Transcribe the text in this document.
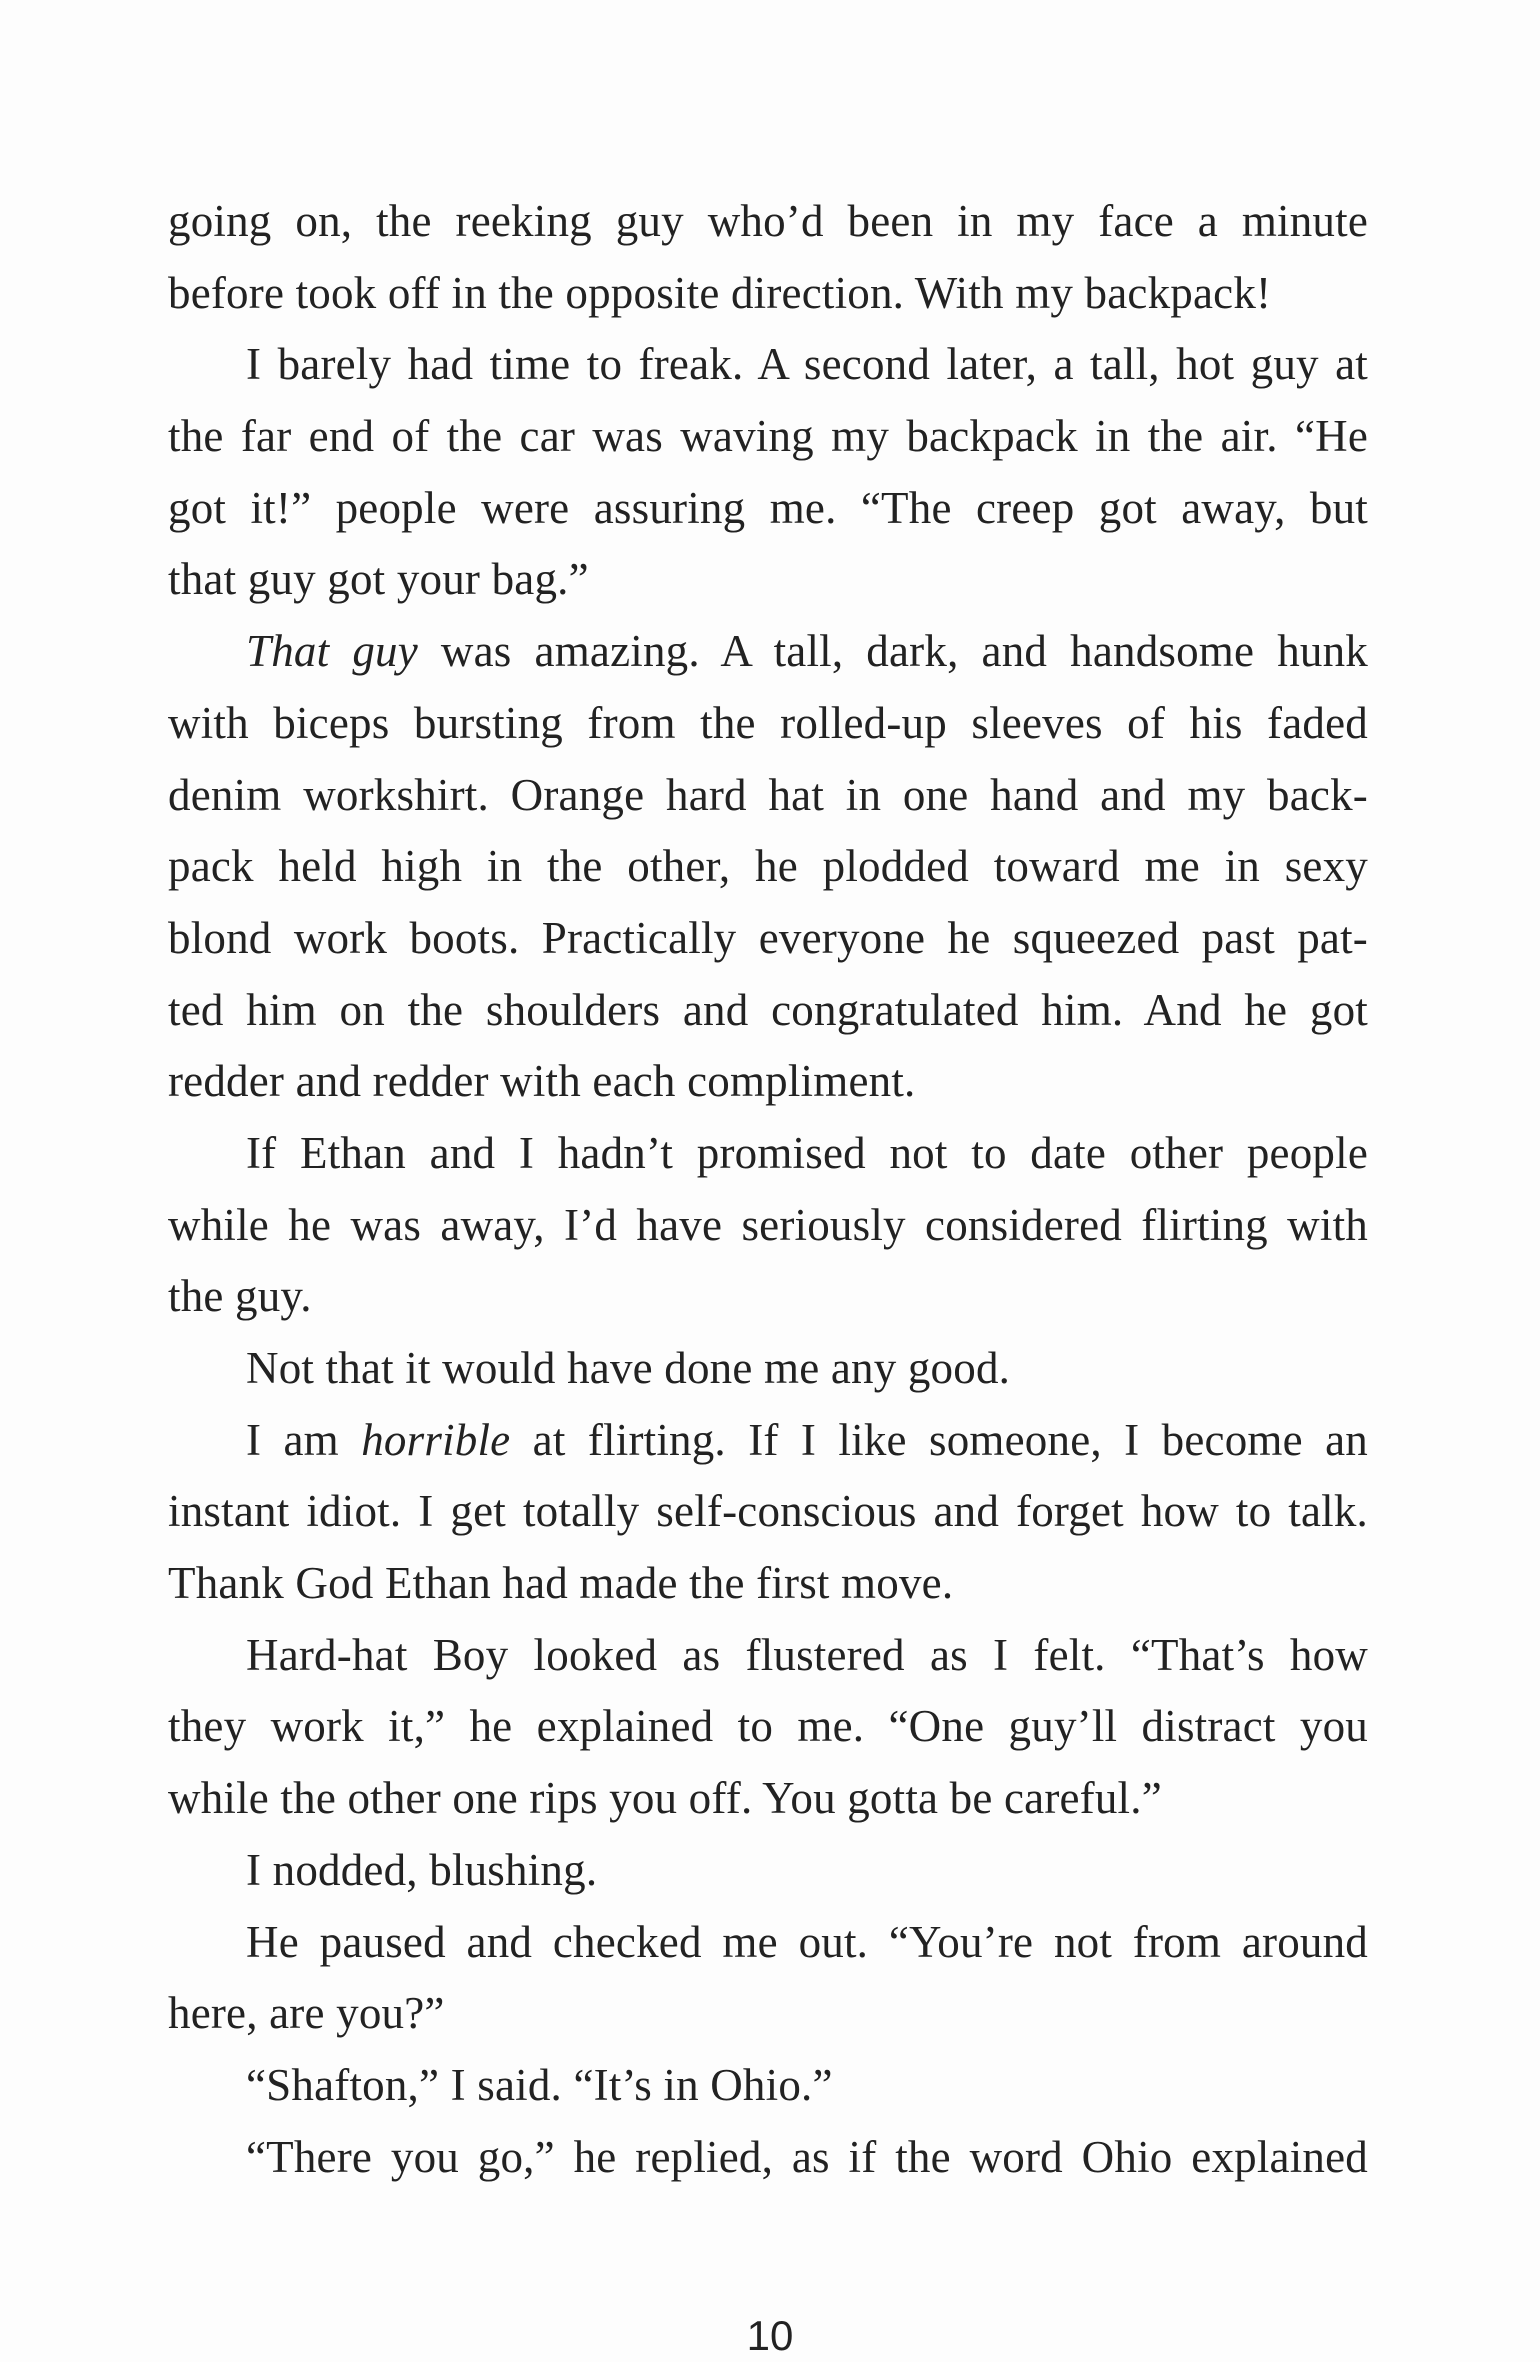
going on, the reeking guy who’d been in my face a minute
before took off in the opposite direction. With my backpack!
I barely had time to freak. A second later, a tall, hot guy at
the far end of the car was waving my backpack in the air. “He
got it!” people were assuring me. “The creep got away, but
that guy got your bag.”
That guy was amazing. A tall, dark, and handsome hunk
with biceps bursting from the rolled-up sleeves of his faded
denim workshirt. Orange hard hat in one hand and my back-
pack held high in the other, he plodded toward me in sexy
blond work boots. Practically everyone he squeezed past pat-
ted him on the shoulders and congratulated him. And he got
redder and redder with each compliment.
If Ethan and I hadn’t promised not to date other people
while he was away, I’d have seriously considered flirting with
the guy.
Not that it would have done me any good.
I am horrible at flirting. If I like someone, I become an
instant idiot. I get totally self-conscious and forget how to talk.
Thank God Ethan had made the first move.
Hard-hat Boy looked as flustered as I felt. “That’s how
they work it,” he explained to me. “One guy’ll distract you
while the other one rips you off. You gotta be careful.”
I nodded, blushing.
He paused and checked me out. “You’re not from around
here, are you?”
“Shafton,” I said. “It’s in Ohio.”
“There you go,” he replied, as if the word Ohio explained
10
